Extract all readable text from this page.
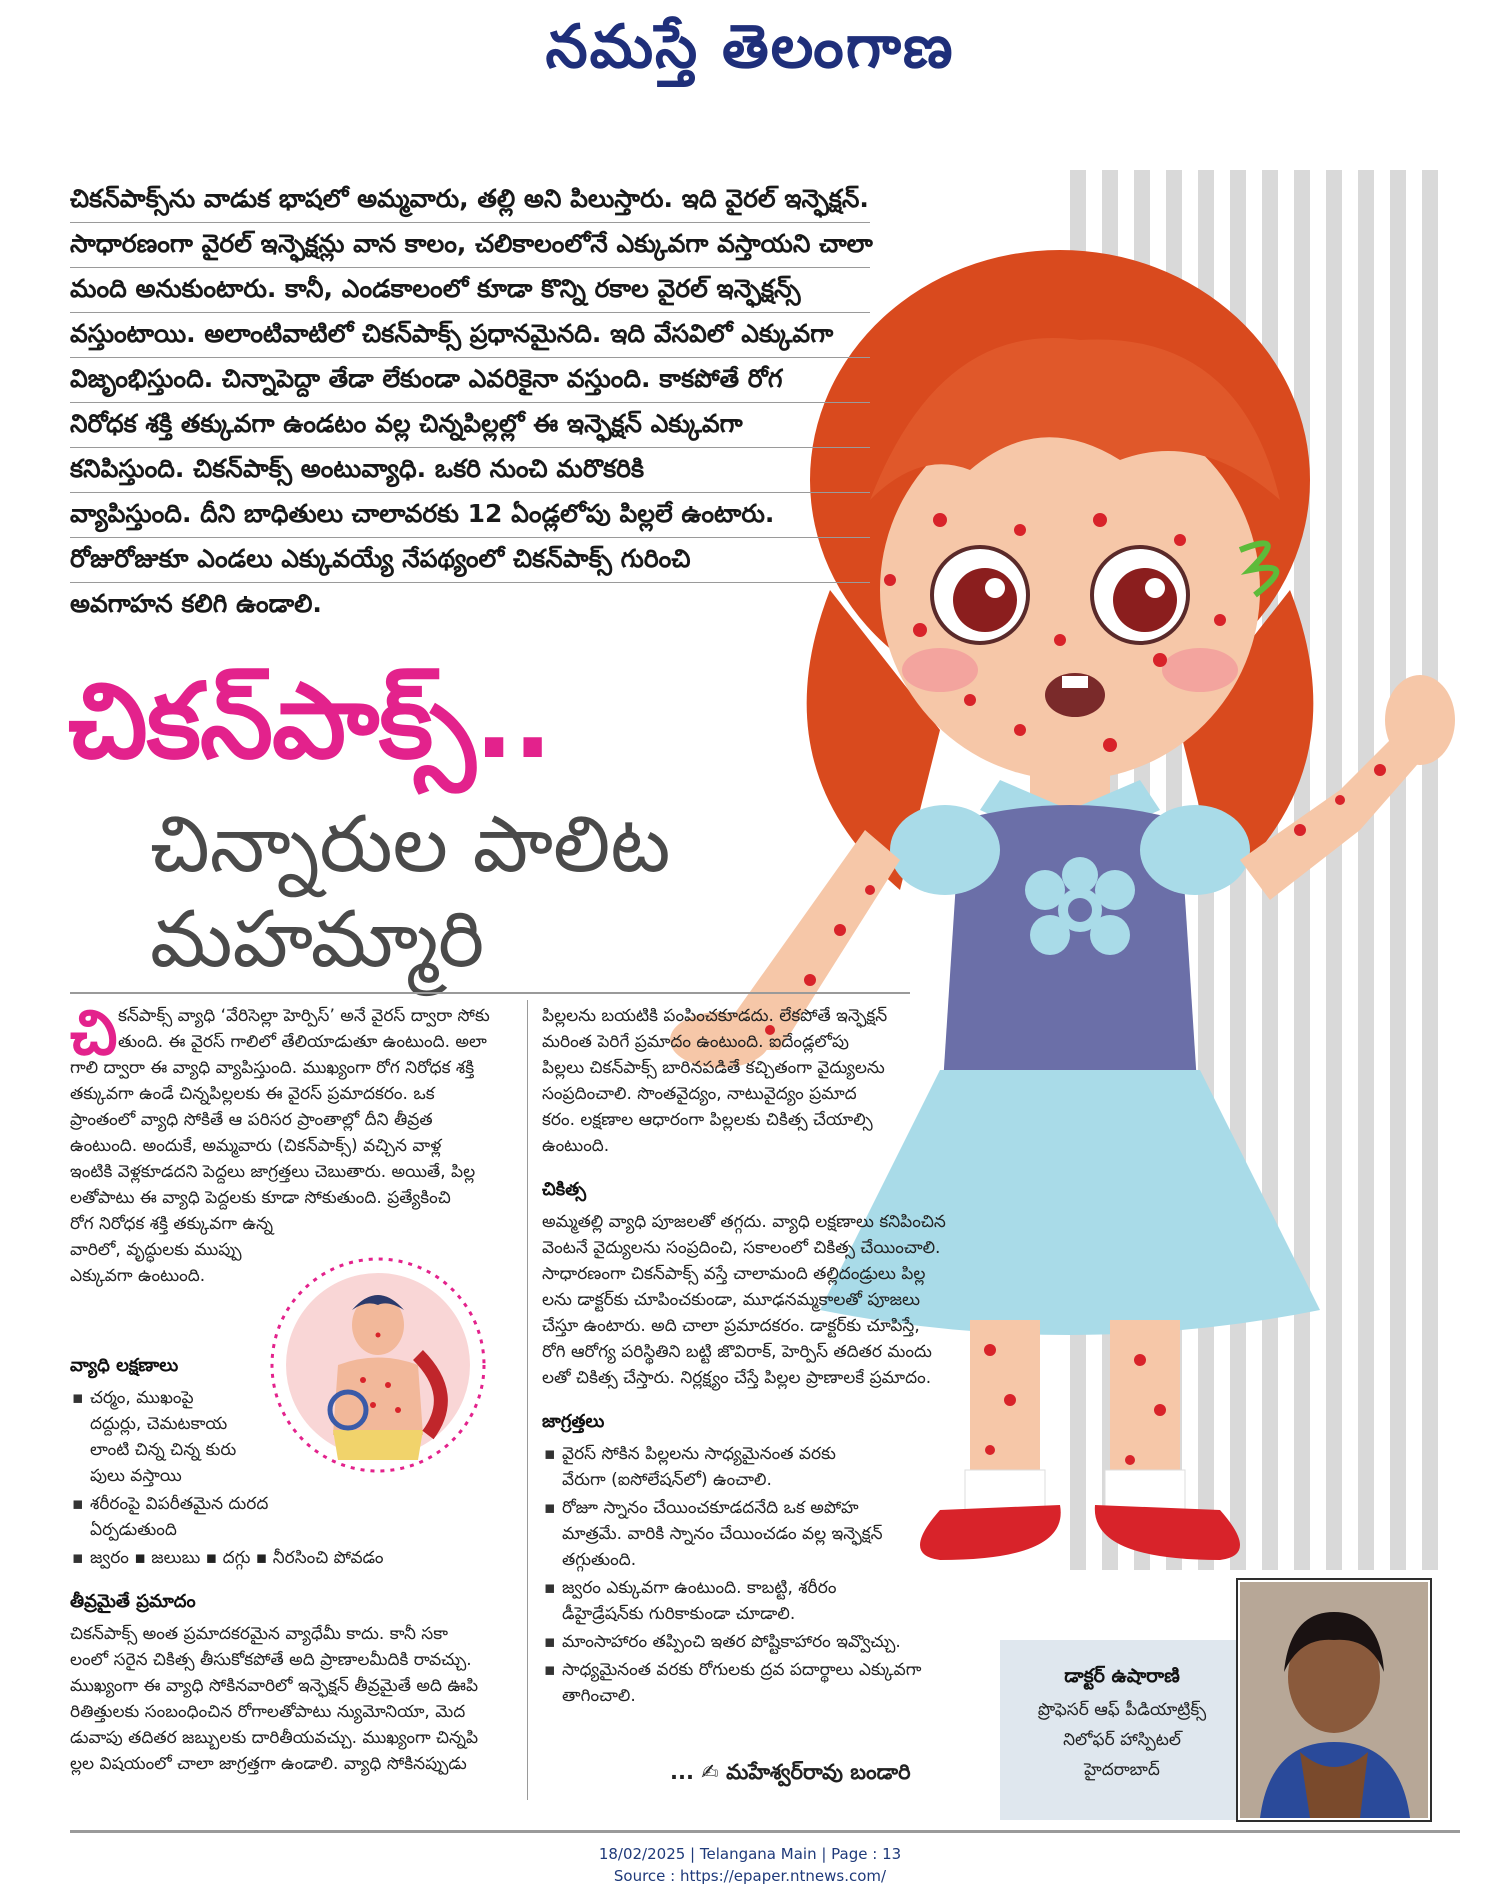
నమస్తే తెలంగాణ
చికన్‌పాక్స్‌ను వాడుక భాషలో అమ్మవారు, తల్లి అని పిలుస్తారు. ఇది వైరల్ ఇన్ఫెక్షన్.
సాధారణంగా వైరల్ ఇన్ఫెక్షన్లు వాన కాలం, చలికాలంలోనే ఎక్కువగా వస్తాయని చాలా
మంది అనుకుంటారు. కానీ, ఎండకాలంలో కూడా కొన్ని రకాల వైరల్ ఇన్ఫెక్షన్స్
వస్తుంటాయి. అలాంటివాటిలో చికన్‌పాక్స్ ప్రధానమైనది. ఇది వేసవిలో ఎక్కువగా
విజృంభిస్తుంది. చిన్నాపెద్దా తేడా లేకుండా ఎవరికైనా వస్తుంది. కాకపోతే రోగ
నిరోధక శక్తి తక్కువగా ఉండటం వల్ల చిన్నపిల్లల్లో ఈ ఇన్ఫెక్షన్ ఎక్కువగా
కనిపిస్తుంది. చికన్‌పాక్స్ అంటువ్యాధి. ఒకరి నుంచి మరొకరికి
వ్యాపిస్తుంది. దీని బాధితులు చాలావరకు 12 ఏండ్లలోపు పిల్లలే ఉంటారు.
రోజురోజుకూ ఎండలు ఎక్కువయ్యే నేపథ్యంలో చికన్‌పాక్స్ గురించి
అవగాహన కలిగి ఉండాలి.
చికన్‌పాక్స్..
చిన్నారుల పాలిట
మహమ్మారి
చి కన్‌పాక్స్ వ్యాధి ‘వేరిసెల్లా హెర్పిస్’ అనే వైరస్ ద్వారా సోకు

తుంది. ఈ వైరస్ గాలిలో తేలియాడుతూ ఉంటుంది. అలా

గాలి ద్వారా ఈ వ్యాధి వ్యాపిస్తుంది. ముఖ్యంగా రోగ నిరోధక శక్తి

తక్కువగా ఉండే చిన్నపిల్లలకు ఈ వైరస్ ప్రమాదకరం. ఒక

ప్రాంతంలో వ్యాధి సోకితే ఆ పరిసర ప్రాంతాల్లో దీని తీవ్రత

ఉంటుంది. అందుకే, అమ్మవారు (చికన్‌పాక్స్) వచ్చిన వాళ్ల

ఇంటికి వెళ్లకూడదని పెద్దలు జాగ్రత్తలు చెబుతారు. అయితే, పిల్ల

లతోపాటు ఈ వ్యాధి పెద్దలకు కూడా సోకుతుంది. ప్రత్యేకించి

రోగ నిరోధక శక్తి తక్కువగా ఉన్న

వారిలో, వృద్ధులకు ముప్పు

ఎక్కువగా ఉంటుంది.

వ్యాధి లక్షణాలు
▪ చర్మం, ముఖంపై
దద్దుర్లు, చెమటకాయ
లాంటి చిన్న చిన్న కురు
పులు వస్తాయి
▪ శరీరంపై విపరీతమైన దురద
ఏర్పడుతుంది
▪ జ్వరం ▪ జలుబు ▪ దగ్గు ▪ నీరసించి పోవడం
తీవ్రమైతే ప్రమాదం

చికన్‌పాక్స్ అంత ప్రమాదకరమైన వ్యాధేమీ కాదు. కానీ సకా

లంలో సరైన చికిత్స తీసుకోకపోతే అది ప్రాణాలమీదికి రావచ్చు.

ముఖ్యంగా ఈ వ్యాధి సోకినవారిలో ఇన్ఫెక్షన్ తీవ్రమైతే అది ఊపి

రితిత్తులకు సంబంధించిన రోగాలతోపాటు న్యుమోనియా, మెద

డువాపు తదితర జబ్బులకు దారితీయవచ్చు. ముఖ్యంగా చిన్నపి

ల్లల విషయంలో చాలా జాగ్రత్తగా ఉండాలి. వ్యాధి సోకినప్పుడు

పిల్లలను బయటికి పంపించకూడదు. లేకపోతే ఇన్ఫెక్షన్

మరింత పెరిగే ప్రమాదం ఉంటుంది. ఐదేండ్లలోపు

పిల్లలు చికన్‌పాక్స్ బారినపడితే కచ్చితంగా వైద్యులను

సంప్రదించాలి. సొంతవైద్యం, నాటువైద్యం ప్రమాద

కరం. లక్షణాల ఆధారంగా పిల్లలకు చికిత్స చేయాల్సి

ఉంటుంది.

చికిత్స

అమ్మతల్లి వ్యాధి పూజలతో తగ్గదు. వ్యాధి లక్షణాలు కనిపించిన

వెంటనే వైద్యులను సంప్రదించి, సకాలంలో చికిత్స చేయించాలి.

సాధారణంగా చికన్‌పాక్స్ వస్తే చాలామంది తల్లిదండ్రులు పిల్ల

లను డాక్టర్‌కు చూపించకుండా, మూఢనమ్మకాలతో పూజలు

చేస్తూ ఉంటారు. అది చాలా ప్రమాదకరం. డాక్టర్‌కు చూపిస్తే,

రోగి ఆరోగ్య పరిస్థితిని బట్టి జొవిరాక్, హెర్పిస్ తదితర మందు

లతో చికిత్స చేస్తారు. నిర్లక్ష్యం చేస్తే పిల్లల ప్రాణాలకే ప్రమాదం.

జాగ్రత్తలు
▪ వైరస్ సోకిన పిల్లలను సాధ్యమైనంత వరకు
వేరుగా (ఐసోలేషన్‌లో) ఉంచాలి.
▪ రోజూ స్నానం చేయించకూడదనేది ఒక అపోహ
మాత్రమే. వారికి స్నానం చేయించడం వల్ల ఇన్ఫెక్షన్
తగ్గుతుంది.
▪ జ్వరం ఎక్కువగా ఉంటుంది. కాబట్టి, శరీరం
డీహైడ్రేషన్‌కు గురికాకుండా చూడాలి.
▪ మాంసాహారం తప్పించి ఇతర పోష్టికాహారం ఇవ్వొచ్చు.
▪ సాధ్యమైనంత వరకు రోగులకు ద్రవ పదార్థాలు ఎక్కువగా
తాగించాలి.
... ✍ మహేశ్వర్‌రావు బండారి
డాక్టర్ ఉషారాణి
ప్రొఫెసర్ ఆఫ్ పీడియాట్రిక్స్
నిలోఫర్ హాస్పిటల్
హైదరాబాద్
18/02/2025 | Telangana Main | Page : 13
Source : https://epaper.ntnews.com/
